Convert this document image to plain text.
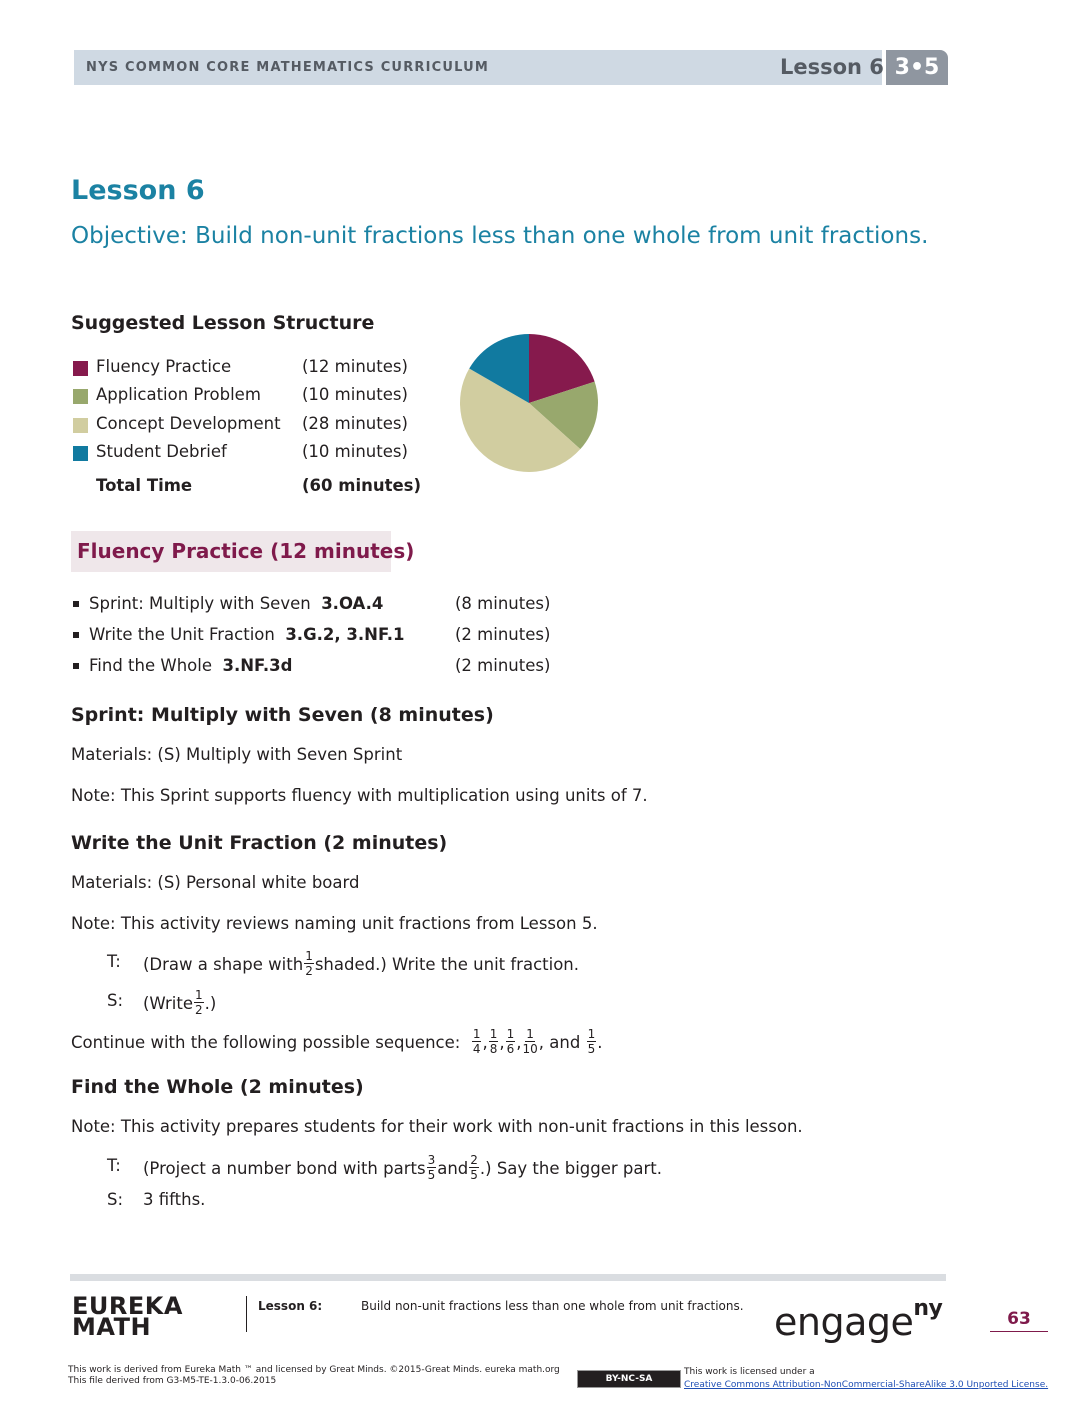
NYS COMMON CORE MATHEMATICS CURRICULUM	Lesson 6 3•5
Lesson 6
Objective: Build non-unit fractions less than one whole from unit fractions.
Suggested Lesson Structure
Fluency Practice	(12 minutes)
Application Problem (10 minutes)
Concept Development (28 minutes)
Student Debrief	(10 minutes)
Total Time	(60 minutes)
Fluency Practice (12 minutes)
Sprint: Multiply with Seven 3.OA.4	(8 minutes)
Write the Unit Fraction 3.G.2, 3.NF.1	(2 minutes)
Find the Whole 3.NF.3d	(2 minutes)
Sprint: Multiply with Seven (8 minutes)
Materials: (S) Multiply with Seven Sprint
Note: This Sprint supports fluency with multiplication using units of 7.
Write the Unit Fraction (2 minutes)
Materials: (S) Personal white board
Note: This activity reviews naming unit fractions from Lesson 5.
T: (Draw a shape with $\frac{1}{2}$ shaded.) Write the unit fraction.
S: (Write $\frac{1}{2}$ .)
Continue with the following possible sequence: $\frac{1}{4}$ , $\frac{1}{8}$ , $\frac{1}{6}$ , $\frac{1}{10}$ , and $\frac{1}{5}$ .
Find the Whole (2 minutes)
Note: This activity prepares students for their work with non-unit fractions in this lesson.
T: (Project a number bond with parts $\frac{3}{5}$ and $\frac{2}{5}$ .) Say the bigger part.
S: 3 fifths.
EUREKA
MATH
Lesson 6:	Build non-unit fractions less than one whole from unit fractions. engage$^{ny}$	63
This work is derived from Eureka Math ™ and licensed by Great Minds. ©2015-Great Minds. eureka math.org
This file derived from G3-M5-TE-1.3.0-06.2015	BY-NC-SA
This work is licensed under a
Creative Commons Attribution-NonCommercial-ShareAlike 3.0 Unported License.
